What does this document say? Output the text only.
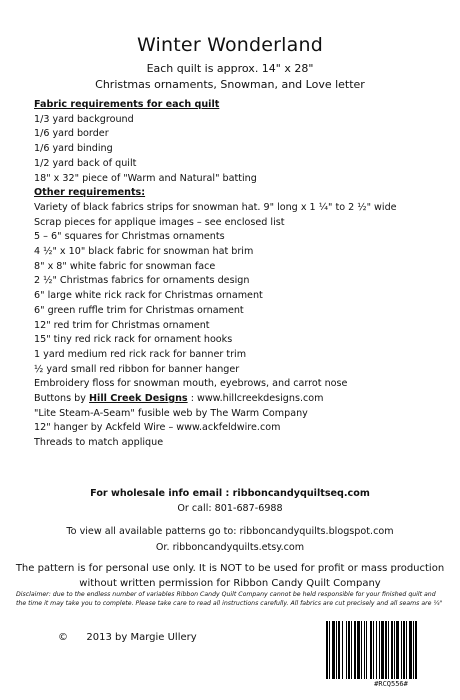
Winter Wonderland
Each quilt is approx. 14" x 28"
Christmas ornaments, Snowman, and Love letter
Fabric requirements for each quilt
1/3 yard background
1/6 yard border
1/6 yard binding
1/2 yard back of quilt
18" x 32" piece of "Warm and Natural" batting
Other requirements:
Variety of black fabrics strips for snowman hat. 9" long x 1 ¼" to 2 ½" wide
Scrap pieces for applique images – see enclosed list
5 – 6" squares for Christmas ornaments
4 ½" x 10" black fabric for snowman hat brim
8" x 8" white fabric for snowman face
2 ½" Christmas fabrics for ornaments design
6" large white rick rack for Christmas ornament
6" green ruffle trim for Christmas ornament
12" red trim for Christmas ornament
15" tiny red rick rack for ornament hooks
1 yard medium red rick rack for banner trim
½ yard small red ribbon for banner hanger
Embroidery floss for snowman mouth, eyebrows, and carrot nose
Buttons by Hill Creek Designs : www.hillcreekdesigns.com
"Lite Steam-A-Seam" fusible web by The Warm Company
12" hanger by Ackfeld Wire – www.ackfeldwire.com
Threads to match applique
For wholesale info email : ribboncandyquiltseq.com
Or call: 801-687-6988
To view all available patterns go to: ribboncandyquilts.blogspot.com
Or. ribboncandyquilts.etsy.com
The pattern is for personal use only. It is NOT to be used for profit or mass production
without written permission for Ribbon Candy Quilt Company
Disclaimer: due to the endless number of variables Ribbon Candy Quilt Company cannot be held responsible for your finished quilt and the time it may take you to complete. Please take care to read all instructions carefully. All fabrics are cut precisely and all seams are ¼"
© 2013 by Margie Ullery
#RCQ556#
